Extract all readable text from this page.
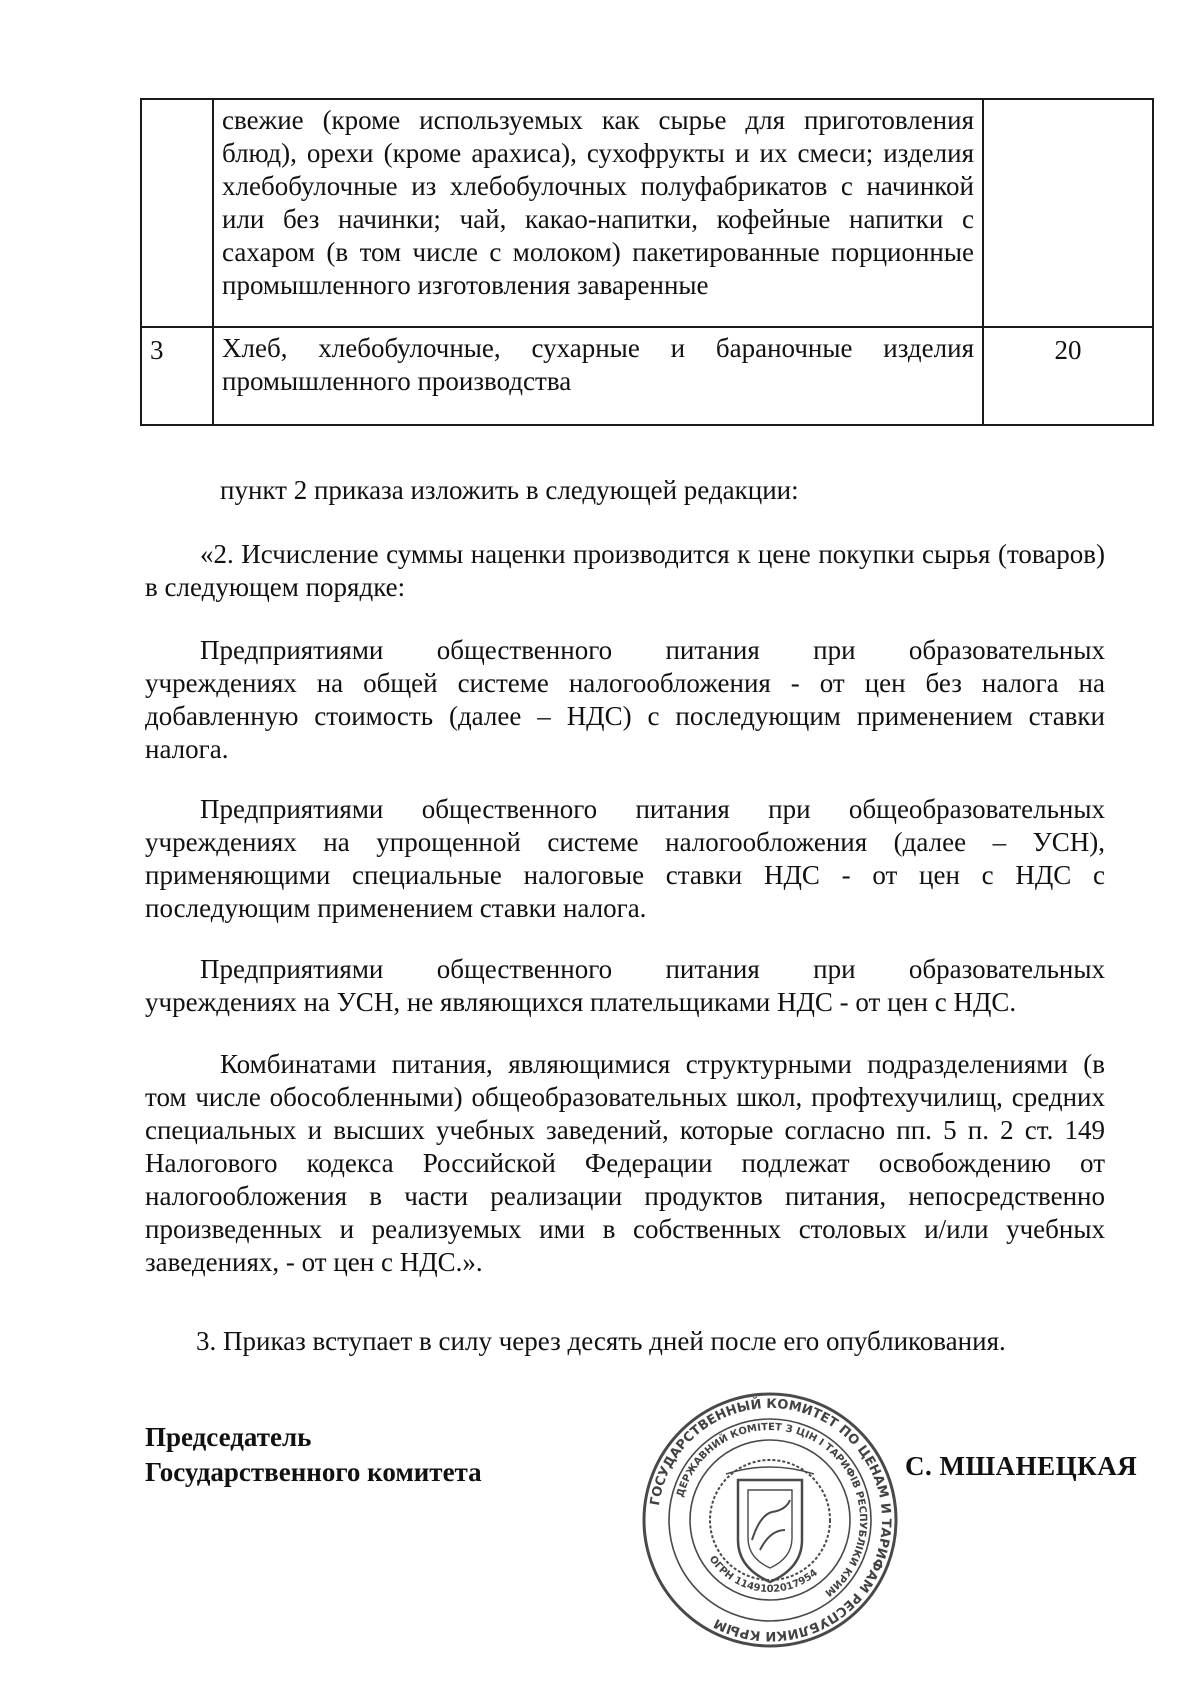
	свежие (кроме используемых как сырье для приготовления блюд), орехи (кроме арахиса), сухофрукты и их смеси; изделия хлебобулочные из хлебобулочных полуфабрикатов с начинкой или без начинки; чай, какао-напитки, кофейные напитки с сахаром (в том числе с молоком) пакетированные порционные промышленного изготовления заваренные	
3	Хлеб, хлебобулочные, сухарные и бараночные изделия промышленного производства	20
пункт 2 приказа изложить в следующей редакции:
«2. Исчисление суммы наценки производится к цене покупки сырья (товаров) в следующем порядке:
Предприятиями общественного питания при образовательных
учреждениях на общей системе налогообложения - от цен без налога на добавленную стоимость (далее – НДС) с последующим применением ставки налога.
Предприятиями общественного питания при общеобразовательных
учреждениях на упрощенной системе налогообложения (далее – УСН), применяющими специальные налоговые ставки НДС - от цен с НДС с последующим применением ставки налога.
Предприятиями общественного питания при образовательных
учреждениях на УСН, не являющихся плательщиками НДС - от цен с НДС.
Комбинатами питания, являющимися структурными подразделениями (в том числе обособленными) общеобразовательных школ, профтехучилищ, средних специальных и высших учебных заведений, которые согласно пп. 5 п. 2 ст. 149 Налогового кодекса Российской Федерации подлежат освобождению от налогообложения в части реализации продуктов питания, непосредственно произведенных и реализуемых ими в собственных столовых и/или учебных заведениях, - от цен с НДС.».
3. Приказ вступает в силу через десять дней после его опубликования.
Председатель
Государственного комитета
ГОСУДАРСТВЕННЫЙ КОМИТЕТ ПО ЦЕНАМ И ТАРИФАМ РЕСПУБЛИКИ КРЫМ
ДЕРЖАВНИЙ КОМІТЕТ З ЦІН І ТАРИФІВ РЕСПУБЛІКИ КРИМ
ОГРН 1149102017954
С. МШАНЕЦКАЯ
